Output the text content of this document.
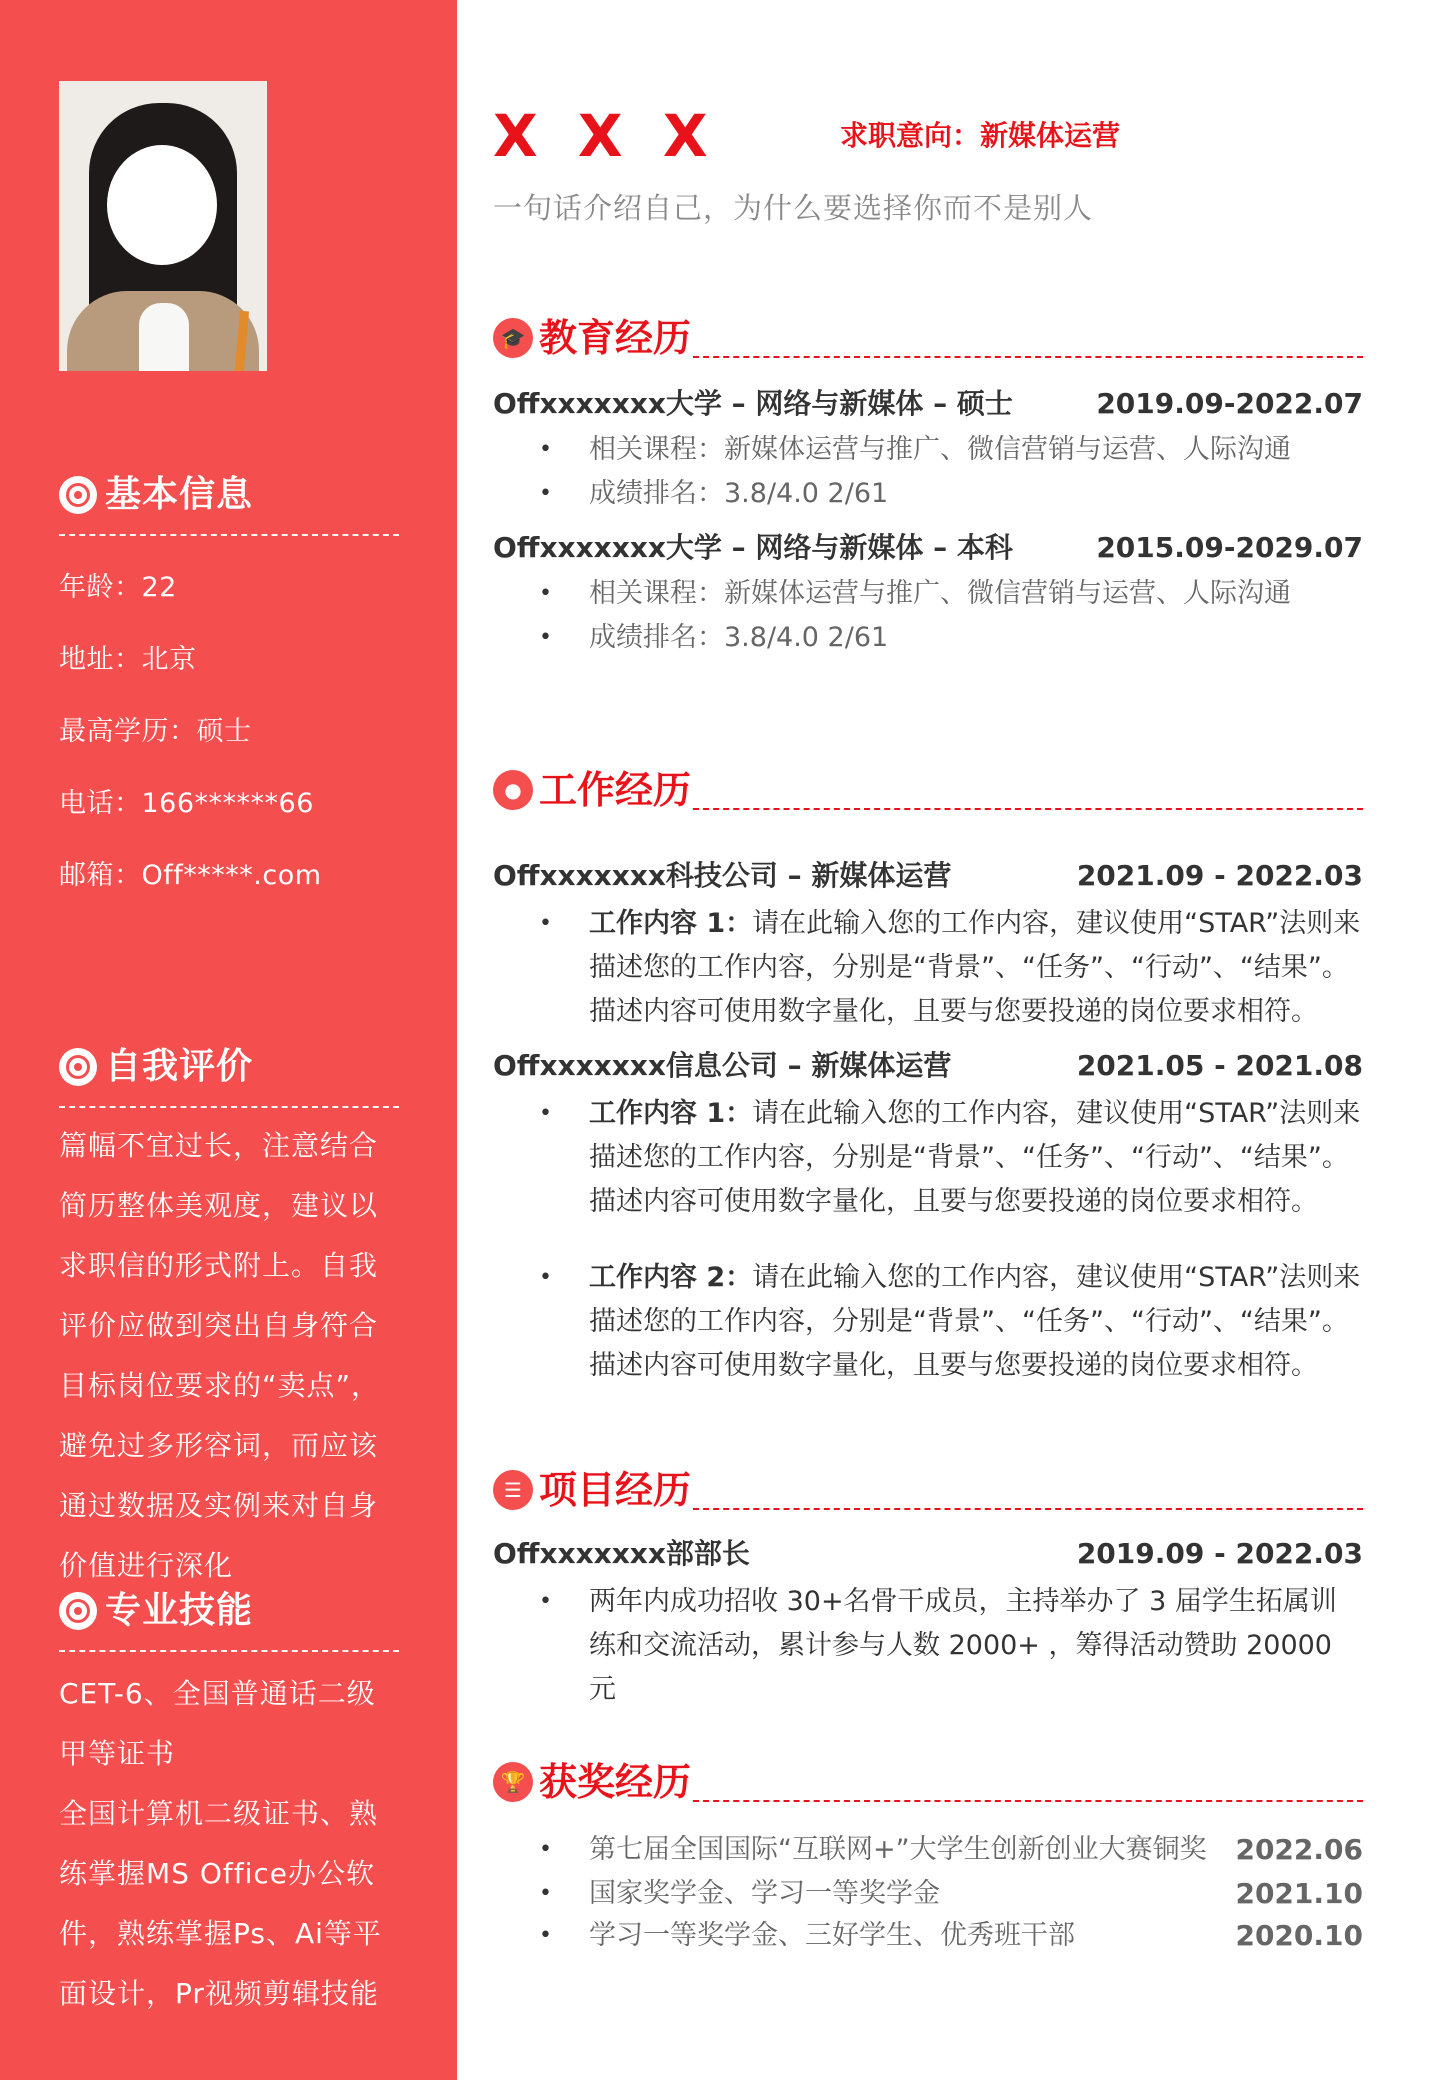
基本信息
年龄：22
地址：北京
最高学历：硕士
电话：166******66
邮箱：Off*****.com
自我评价
篇幅不宜过长，注意结合简历整体美观度，建议以求职信的形式附上。自我评价应做到突出自身符合目标岗位要求的“卖点”，避免过多形容词，而应该通过数据及实例来对自身价值进行深化
专业技能
CET-6、全国普通话二级甲等证书
全国计算机二级证书、熟练掌握MS Office办公软件，熟练掌握Ps、Ai等平面设计，Pr视频剪辑技能
X X X	求职意向：新媒体运营
一句话介绍自己，为什么要选择你而不是别人
🎓 教育经历
Offxxxxxxx大学 – 网络与新媒体 – 硕士	2019.09-2022.07
• 相关课程：新媒体运营与推广、微信营销与运营、人际沟通
• 成绩排名：3.8/4.0 2/61
Offxxxxxxx大学 – 网络与新媒体 – 本科	2015.09-2029.07
• 相关课程：新媒体运营与推广、微信营销与运营、人际沟通
• 成绩排名：3.8/4.0 2/61
● 工作经历
Offxxxxxxx科技公司 – 新媒体运营	2021.09 - 2022.03
• 工作内容 1：请在此输入您的工作内容，建议使用“STAR”法则来描述您的工作内容，分别是“背景”、“任务”、“行动”、“结果”。描述内容可使用数字量化，且要与您要投递的岗位要求相符。
Offxxxxxxx信息公司 – 新媒体运营	2021.05 - 2021.08
• 工作内容 1：请在此输入您的工作内容，建议使用“STAR”法则来描述您的工作内容，分别是“背景”、“任务”、“行动”、“结果”。描述内容可使用数字量化，且要与您要投递的岗位要求相符。
• 工作内容 2：请在此输入您的工作内容，建议使用“STAR”法则来描述您的工作内容，分别是“背景”、“任务”、“行动”、“结果”。描述内容可使用数字量化，且要与您要投递的岗位要求相符。
☰ 项目经历
Offxxxxxxx部部长	2019.09 - 2022.03
• 两年内成功招收 30+名骨干成员，主持举办了 3 届学生拓属训练和交流活动，累计参与人数 2000+ ，筹得活动赞助 20000 元
🏆 获奖经历
• 第七届全国国际“互联网+”大学生创新创业大赛铜奖 2022.06
• 国家奖学金、学习一等奖学金	2021.10
• 学习一等奖学金、三好学生、优秀班干部	2020.10
